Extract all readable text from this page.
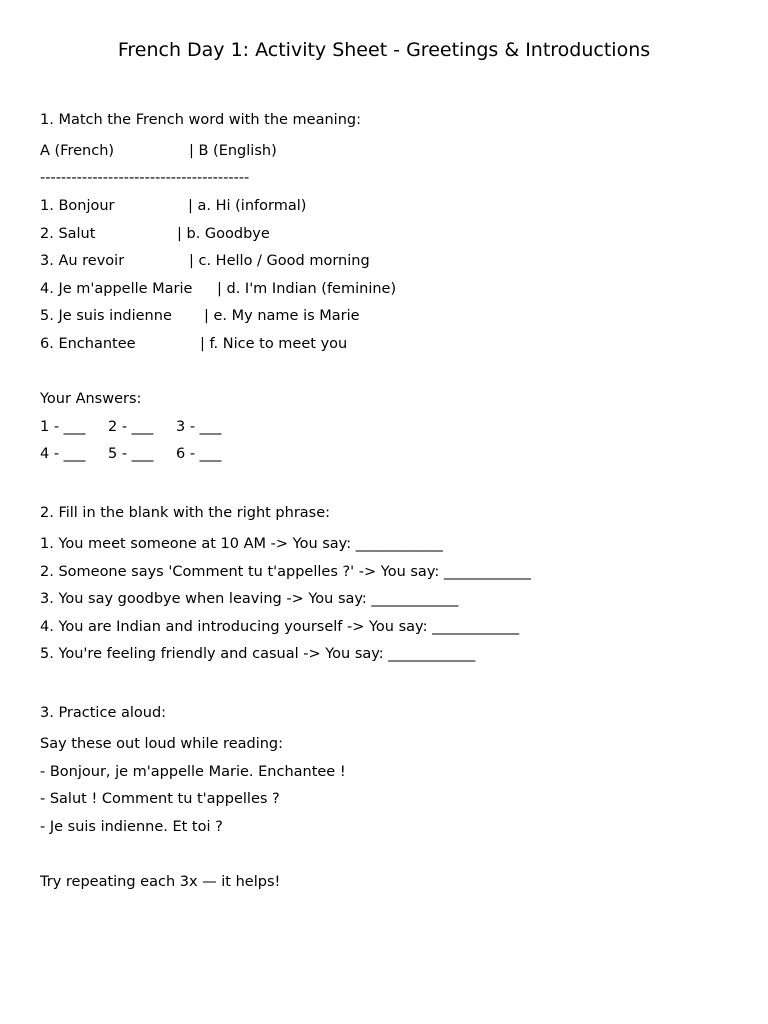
French Day 1: Activity Sheet - Greetings & Introductions
1. Match the French word with the meaning:
A (French)	| B (English)
----------------------------------------
1. Bonjour	| a. Hi (informal)
2. Salut	| b. Goodbye
3. Au revoir	| c. Hello / Good morning
4. Je m'appelle Marie | d. I'm Indian (feminine)
5. Je suis indienne | e. My name is Marie
6. Enchantee	| f. Nice to meet you
Your Answers:
1 - ___ 2 - ___ 3 - ___
4 - ___ 5 - ___ 6 - ___
2. Fill in the blank with the right phrase:
1. You meet someone at 10 AM -> You say: ____________
2. Someone says 'Comment tu t'appelles ?' -> You say: ____________
3. You say goodbye when leaving -> You say: ____________
4. You are Indian and introducing yourself -> You say: ____________
5. You're feeling friendly and casual -> You say: ____________
3. Practice aloud:
Say these out loud while reading:
- Bonjour, je m'appelle Marie. Enchantee !
- Salut ! Comment tu t'appelles ?
- Je suis indienne. Et toi ?
Try repeating each 3x — it helps!
